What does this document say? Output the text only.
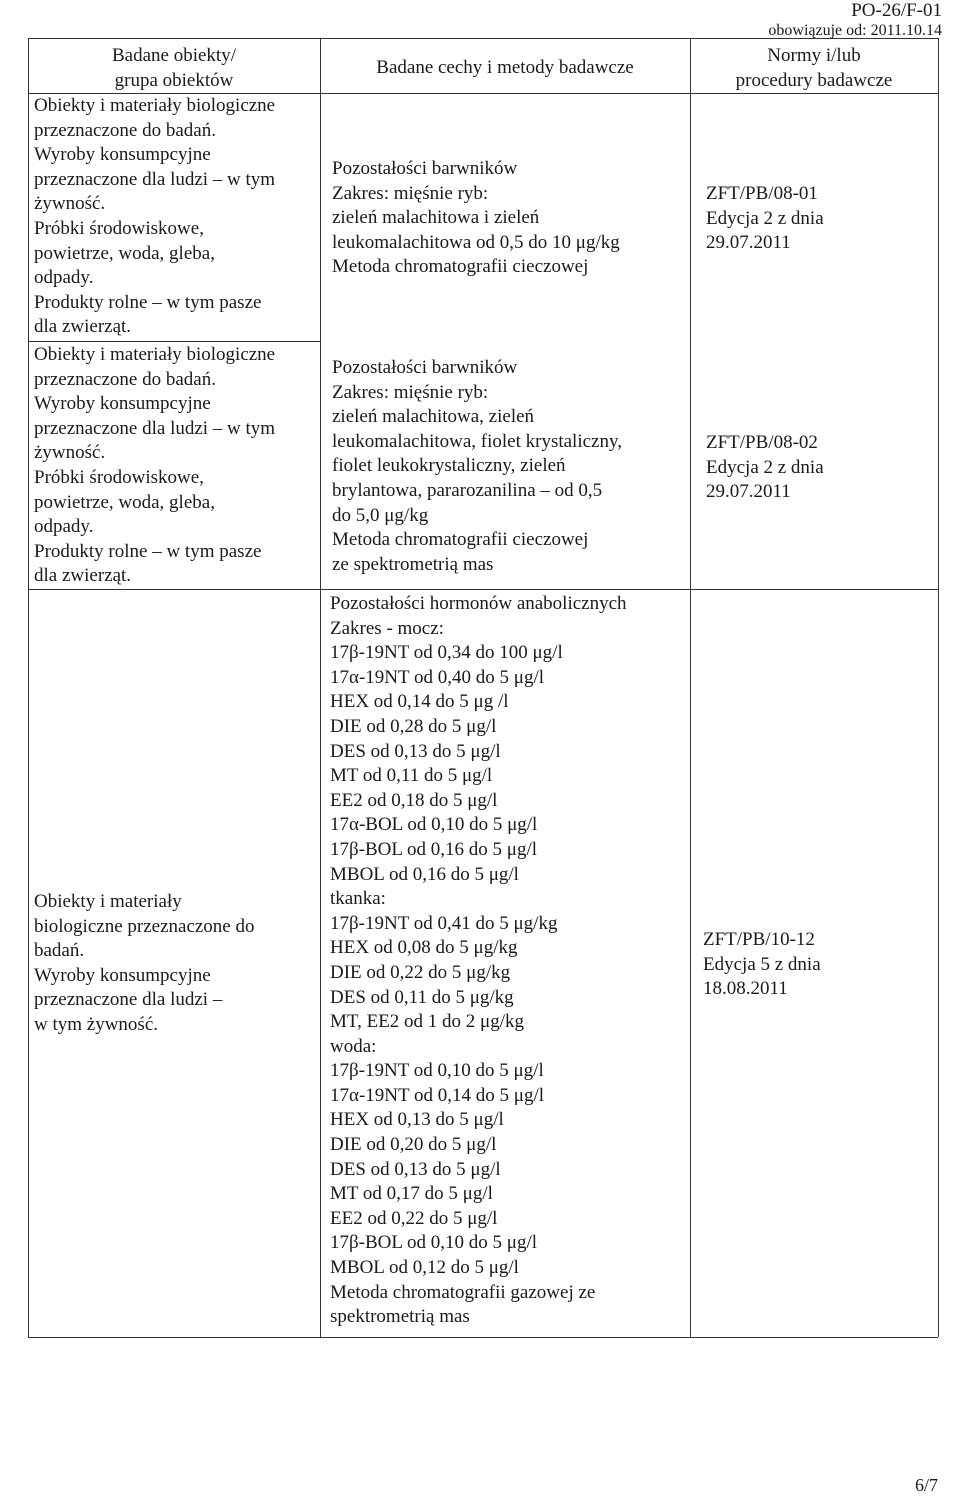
PO-26/F-01
obowiązuje od: 2011.10.14
Badane obiekty/
grupa obiektów
Badane cechy i metody badawcze
Normy i/lub
procedury badawcze
Obiekty i materiały biologiczne
przeznaczone do badań.
Wyroby konsumpcyjne
przeznaczone dla ludzi – w tym
żywność.
Próbki środowiskowe,
powietrze, woda, gleba,
odpady.
Produkty rolne – w tym pasze
dla zwierząt.
Pozostałości barwników
Zakres: mięśnie ryb:
zieleń malachitowa i zieleń
leukomalachitowa od 0,5 do 10 μg/kg
Metoda chromatografii cieczowej
ZFT/PB/08-01
Edycja 2 z dnia
29.07.2011
Obiekty i materiały biologiczne
przeznaczone do badań.
Wyroby konsumpcyjne
przeznaczone dla ludzi – w tym
żywność.
Próbki środowiskowe,
powietrze, woda, gleba,
odpady.
Produkty rolne – w tym pasze
dla zwierząt.
Pozostałości barwników
Zakres: mięśnie ryb:
zieleń malachitowa, zieleń
leukomalachitowa, fiolet krystaliczny,
fiolet leukokrystaliczny, zieleń
brylantowa, pararozanilina – od 0,5
do 5,0 μg/kg
Metoda chromatografii cieczowej
ze spektrometrią mas
ZFT/PB/08-02
Edycja 2 z dnia
29.07.2011
Obiekty i materiały
biologiczne przeznaczone do
badań.
Wyroby konsumpcyjne
przeznaczone dla ludzi –
w tym żywność.
Pozostałości hormonów anabolicznych
Zakres - mocz:
17β-19NT od 0,34 do 100 μg/l
17α-19NT od 0,40 do 5 μg/l
HEX od 0,14 do 5 μg /l
DIE od 0,28 do 5 μg/l
DES od 0,13 do 5 μg/l
MT od 0,11 do 5 μg/l
EE2 od 0,18 do 5 μg/l
17α-BOL od 0,10 do 5 μg/l
17β-BOL od 0,16 do 5 μg/l
MBOL od 0,16 do 5 μg/l
tkanka:
17β-19NT od 0,41 do 5 μg/kg
HEX od 0,08 do 5 μg/kg
DIE od 0,22 do 5 μg/kg
DES od 0,11 do 5 μg/kg
MT, EE2 od 1 do 2 μg/kg
woda:
17β-19NT od 0,10 do 5 μg/l
17α-19NT od 0,14 do 5 μg/l
HEX od 0,13 do 5 μg/l
DIE od 0,20 do 5 μg/l
DES od 0,13 do 5 μg/l
MT od 0,17 do 5 μg/l
EE2 od 0,22 do 5 μg/l
17β-BOL od 0,10 do 5 μg/l
MBOL od 0,12 do 5 μg/l
Metoda chromatografii gazowej ze
spektrometrią mas
ZFT/PB/10-12
Edycja 5 z dnia
18.08.2011
6/7
